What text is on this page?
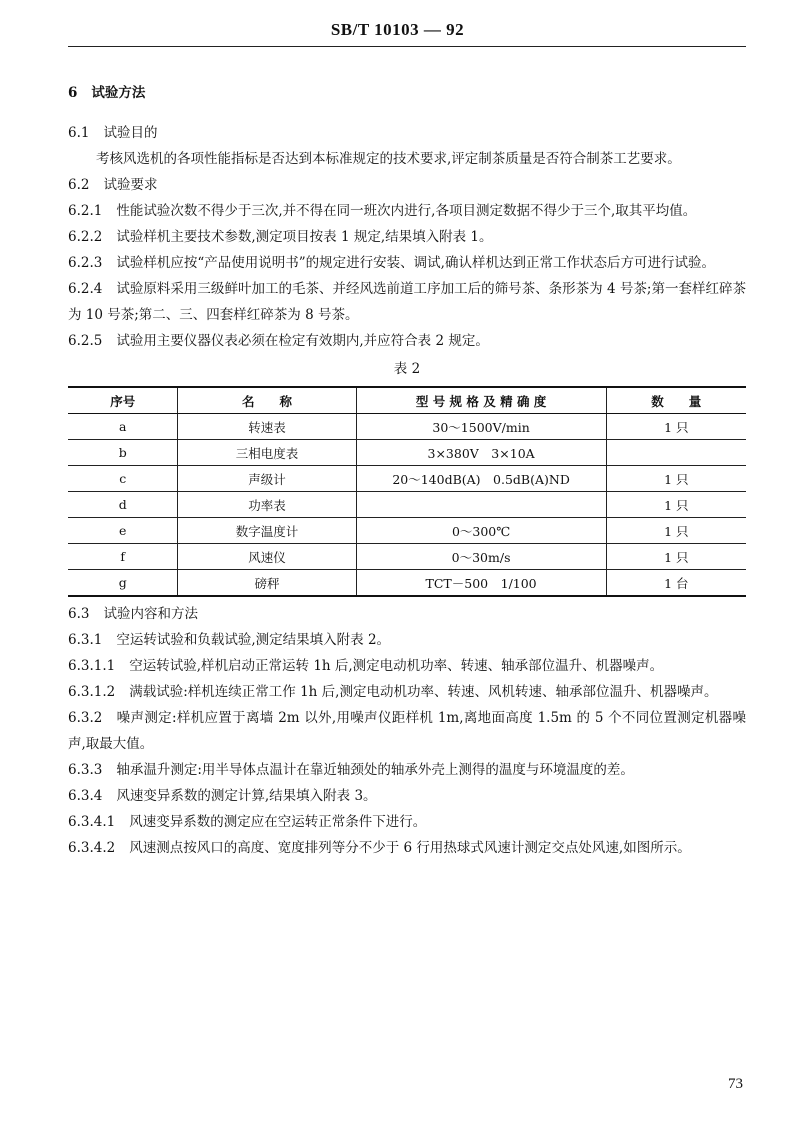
SB/T 10103 — 92

6 试验方法

6.1 试验目的

考核风选机的各项性能指标是否达到本标准规定的技术要求,评定制茶质量是否符合制茶工艺要求。

6.2 试验要求

6.2.1 性能试验次数不得少于三次,并不得在同一班次内进行,各项目测定数据不得少于三个,取其平均值。

6.2.2 试验样机主要技术参数,测定项目按表 1 规定,结果填入附表 1。

6.2.3 试验样机应按“产品使用说明书”的规定进行安装、调试,确认样机达到正常工作状态后方可进行试验。

6.2.4 试验原料采用三级鲜叶加工的毛茶、并经风选前道工序加工后的筛号茶、条形茶为 4 号茶;第一套样红碎茶为 10 号茶;第二、三、四套样红碎茶为 8 号茶。

6.2.5 试验用主要仪器仪表必须在检定有效期内,并应符合表 2 规定。

表 2

序号	名　　称	型 号 规 格 及 精 确 度	数　　量
a	转速表	30～1500V/min	1 只
b	三相电度表	3×380V　3×10A	
c	声级计	20～140dB(A)　0.5dB(A)ND	1 只
d	功率表		1 只
e	数字温度计	0～300℃	1 只
f	风速仪	0～30m/s	1 只
g	磅秤	TCT－500　1/100	1 台

6.3 试验内容和方法

6.3.1 空运转试验和负载试验,测定结果填入附表 2。

6.3.1.1 空运转试验,样机启动正常运转 1h 后,测定电动机功率、转速、轴承部位温升、机器噪声。

6.3.1.2 满载试验:样机连续正常工作 1h 后,测定电动机功率、转速、风机转速、轴承部位温升、机器噪声。

6.3.2 噪声测定:样机应置于离墙 2m 以外,用噪声仪距样机 1m,离地面高度 1.5m 的 5 个不同位置测定机器噪声,取最大值。

6.3.3 轴承温升测定:用半导体点温计在靠近轴颈处的轴承外壳上测得的温度与环境温度的差。

6.3.4 风速变异系数的测定计算,结果填入附表 3。

6.3.4.1 风速变异系数的测定应在空运转正常条件下进行。

6.3.4.2 风速测点按风口的高度、宽度排列等分不少于 6 行用热球式风速计测定交点处风速,如图所示。

73
